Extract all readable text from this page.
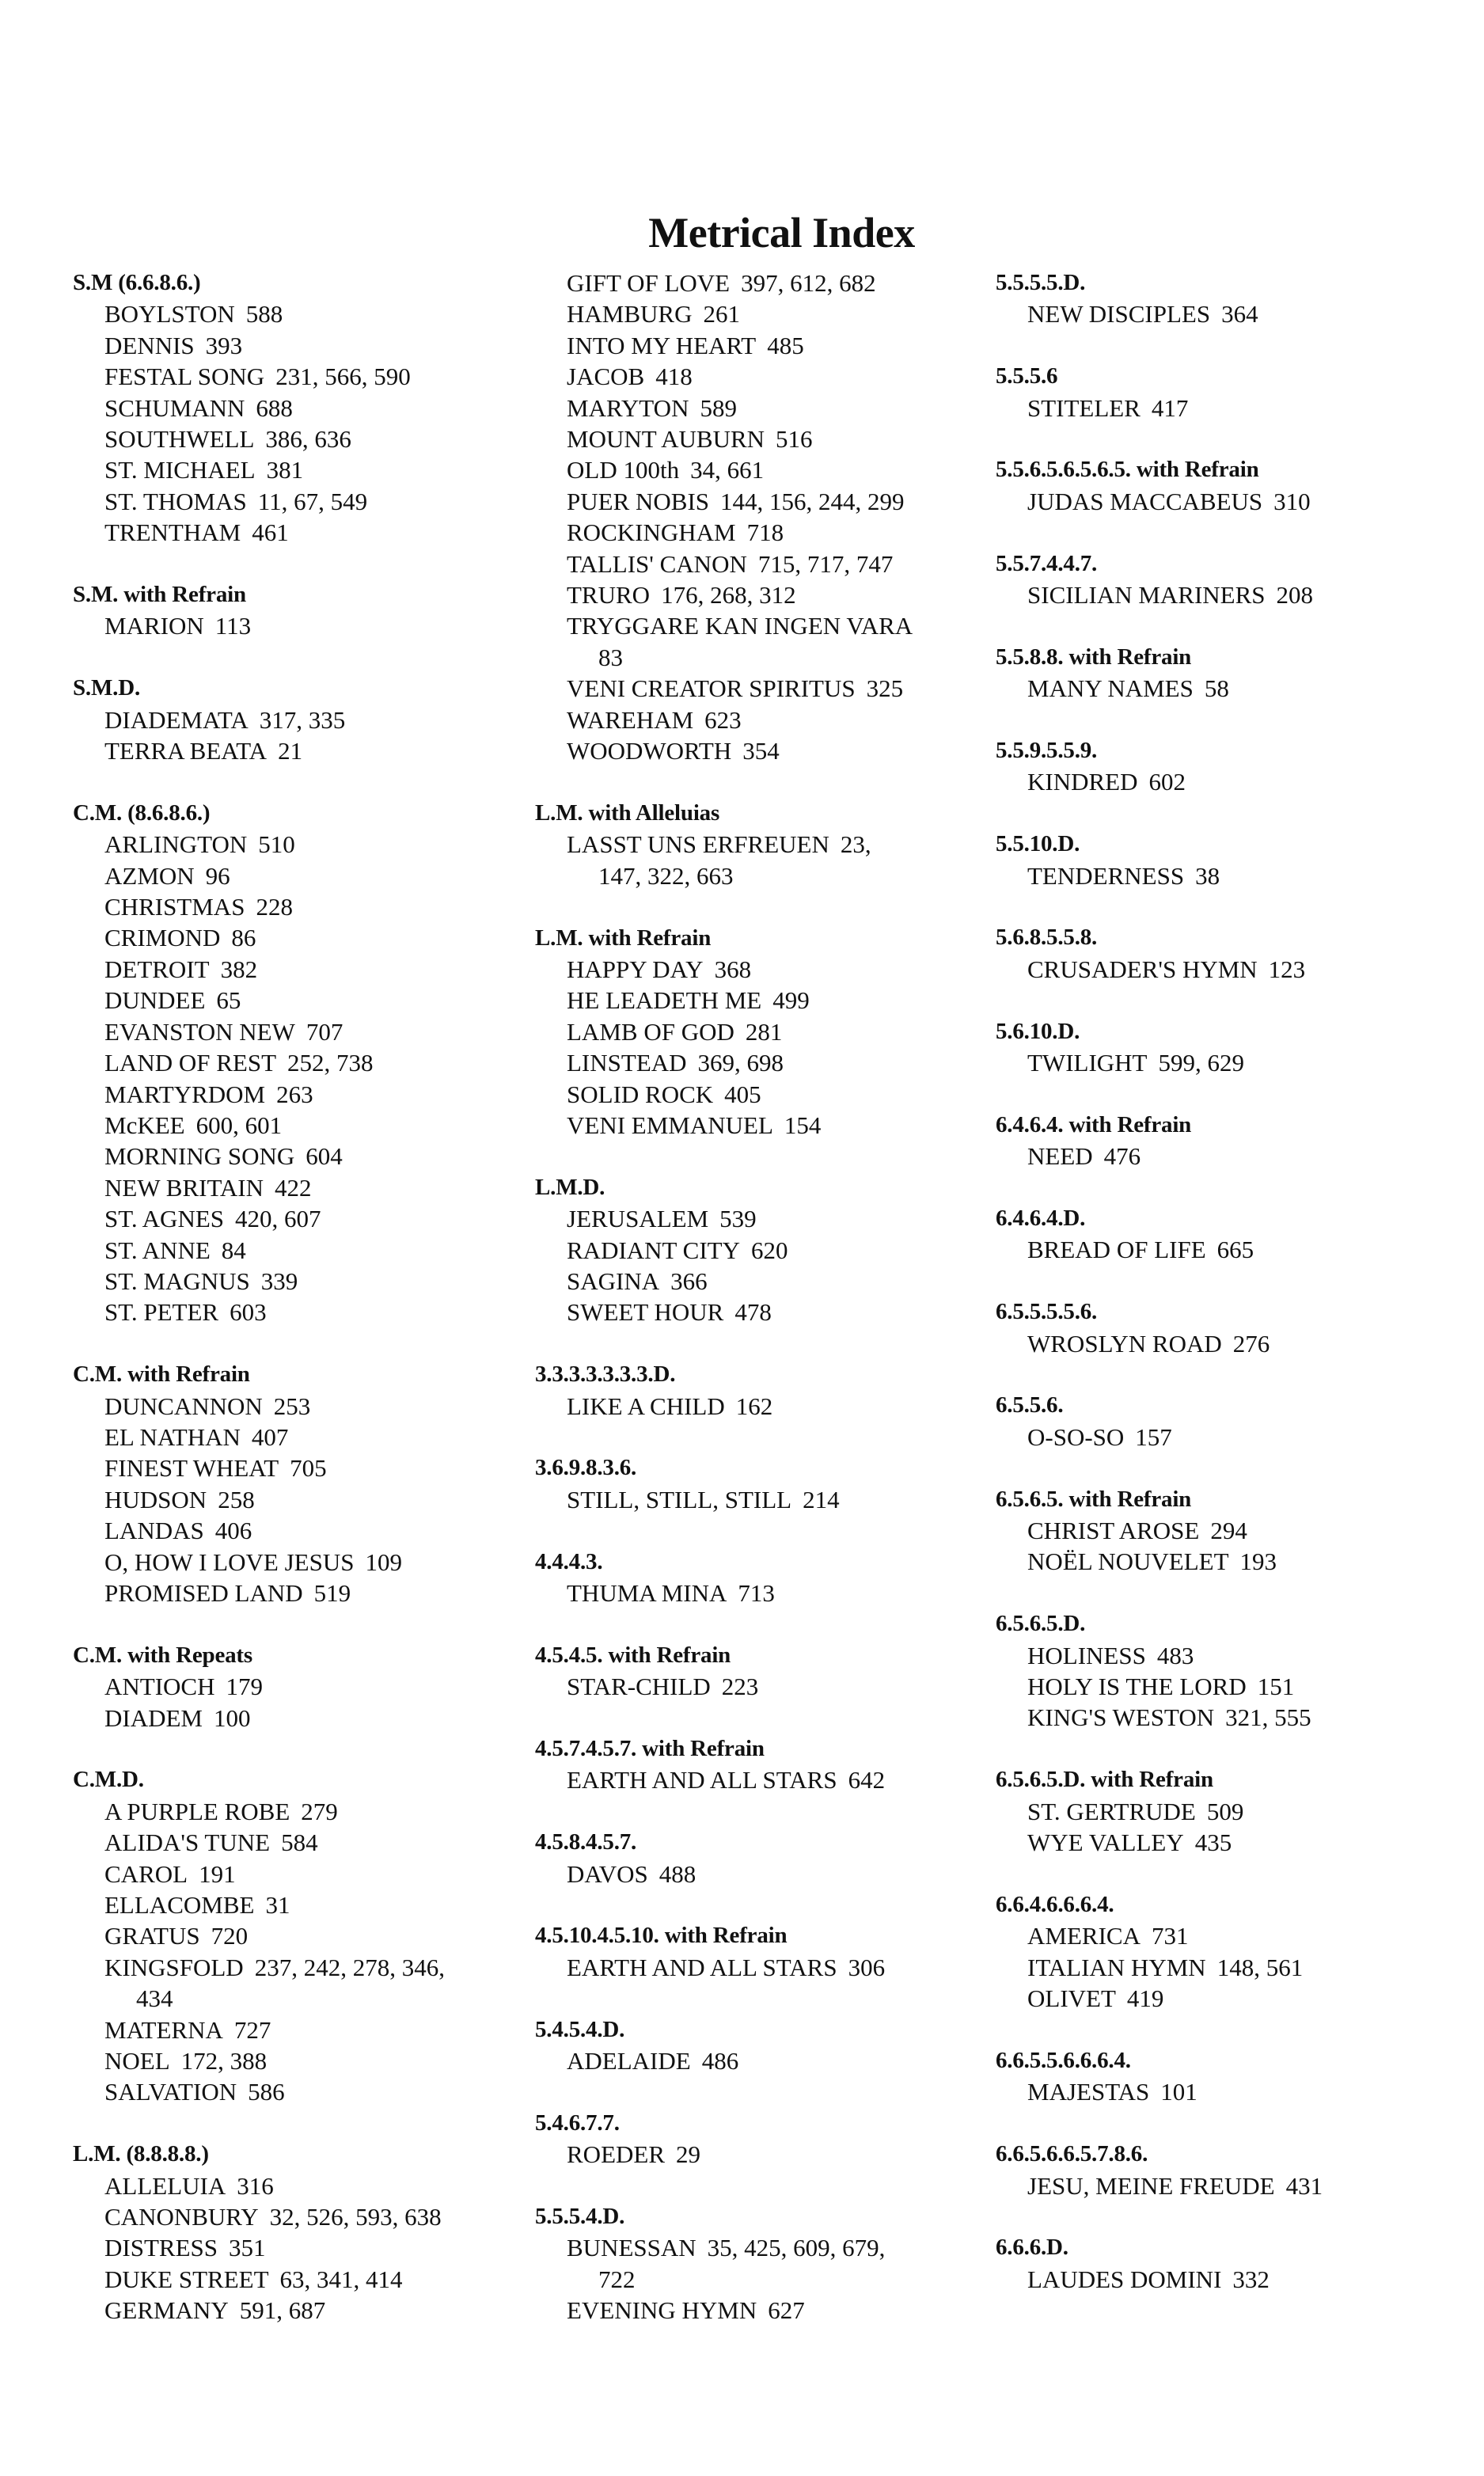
Metrical Index
S.M (6.6.8.6.)
BOYLSTON 588
DENNIS 393
FESTAL SONG 231, 566, 590
SCHUMANN 688
SOUTHWELL 386, 636
ST. MICHAEL 381
ST. THOMAS 11, 67, 549
TRENTHAM 461
S.M. with Refrain
MARION 113
S.M.D.
DIADEMATA 317, 335
TERRA BEATA 21
C.M. (8.6.8.6.)
ARLINGTON 510
AZMON 96
CHRISTMAS 228
CRIMOND 86
DETROIT 382
DUNDEE 65
EVANSTON NEW 707
LAND OF REST 252, 738
MARTYRDOM 263
McKEE 600, 601
MORNING SONG 604
NEW BRITAIN 422
ST. AGNES 420, 607
ST. ANNE 84
ST. MAGNUS 339
ST. PETER 603
C.M. with Refrain
DUNCANNON 253
EL NATHAN 407
FINEST WHEAT 705
HUDSON 258
LANDAS 406
O, HOW I LOVE JESUS 109
PROMISED LAND 519
C.M. with Repeats
ANTIOCH 179
DIADEM 100
C.M.D.
A PURPLE ROBE 279
ALIDA'S TUNE 584
CAROL 191
ELLACOMBE 31
GRATUS 720
KINGSFOLD 237, 242, 278, 346,
434
MATERNA 727
NOEL 172, 388
SALVATION 586
L.M. (8.8.8.8.)
ALLELUIA 316
CANONBURY 32, 526, 593, 638
DISTRESS 351
DUKE STREET 63, 341, 414
GERMANY 591, 687
GIFT OF LOVE 397, 612, 682
HAMBURG 261
INTO MY HEART 485
JACOB 418
MARYTON 589
MOUNT AUBURN 516
OLD 100th 34, 661
PUER NOBIS 144, 156, 244, 299
ROCKINGHAM 718
TALLIS' CANON 715, 717, 747
TRURO 176, 268, 312
TRYGGARE KAN INGEN VARA
83
VENI CREATOR SPIRITUS 325
WAREHAM 623
WOODWORTH 354
L.M. with Alleluias
LASST UNS ERFREUEN 23,
147, 322, 663
L.M. with Refrain
HAPPY DAY 368
HE LEADETH ME 499
LAMB OF GOD 281
LINSTEAD 369, 698
SOLID ROCK 405
VENI EMMANUEL 154
L.M.D.
JERUSALEM 539
RADIANT CITY 620
SAGINA 366
SWEET HOUR 478
3.3.3.3.3.3.3.D.
LIKE A CHILD 162
3.6.9.8.3.6.
STILL, STILL, STILL 214
4.4.4.3.
THUMA MINA 713
4.5.4.5. with Refrain
STAR-CHILD 223
4.5.7.4.5.7. with Refrain
EARTH AND ALL STARS 642
4.5.8.4.5.7.
DAVOS 488
4.5.10.4.5.10. with Refrain
EARTH AND ALL STARS 306
5.4.5.4.D.
ADELAIDE 486
5.4.6.7.7.
ROEDER 29
5.5.5.4.D.
BUNESSAN 35, 425, 609, 679,
722
EVENING HYMN 627
5.5.5.5.D.
NEW DISCIPLES 364
5.5.5.6
STITELER 417
5.5.6.5.6.5.6.5. with Refrain
JUDAS MACCABEUS 310
5.5.7.4.4.7.
SICILIAN MARINERS 208
5.5.8.8. with Refrain
MANY NAMES 58
5.5.9.5.5.9.
KINDRED 602
5.5.10.D.
TENDERNESS 38
5.6.8.5.5.8.
CRUSADER'S HYMN 123
5.6.10.D.
TWILIGHT 599, 629
6.4.6.4. with Refrain
NEED 476
6.4.6.4.D.
BREAD OF LIFE 665
6.5.5.5.5.6.
WROSLYN ROAD 276
6.5.5.6.
O-SO-SO 157
6.5.6.5. with Refrain
CHRIST AROSE 294
NOËL NOUVELET 193
6.5.6.5.D.
HOLINESS 483
HOLY IS THE LORD 151
KING'S WESTON 321, 555
6.5.6.5.D. with Refrain
ST. GERTRUDE 509
WYE VALLEY 435
6.6.4.6.6.6.4.
AMERICA 731
ITALIAN HYMN 148, 561
OLIVET 419
6.6.5.5.6.6.6.4.
MAJESTAS 101
6.6.5.6.6.5.7.8.6.
JESU, MEINE FREUDE 431
6.6.6.D.
LAUDES DOMINI 332
